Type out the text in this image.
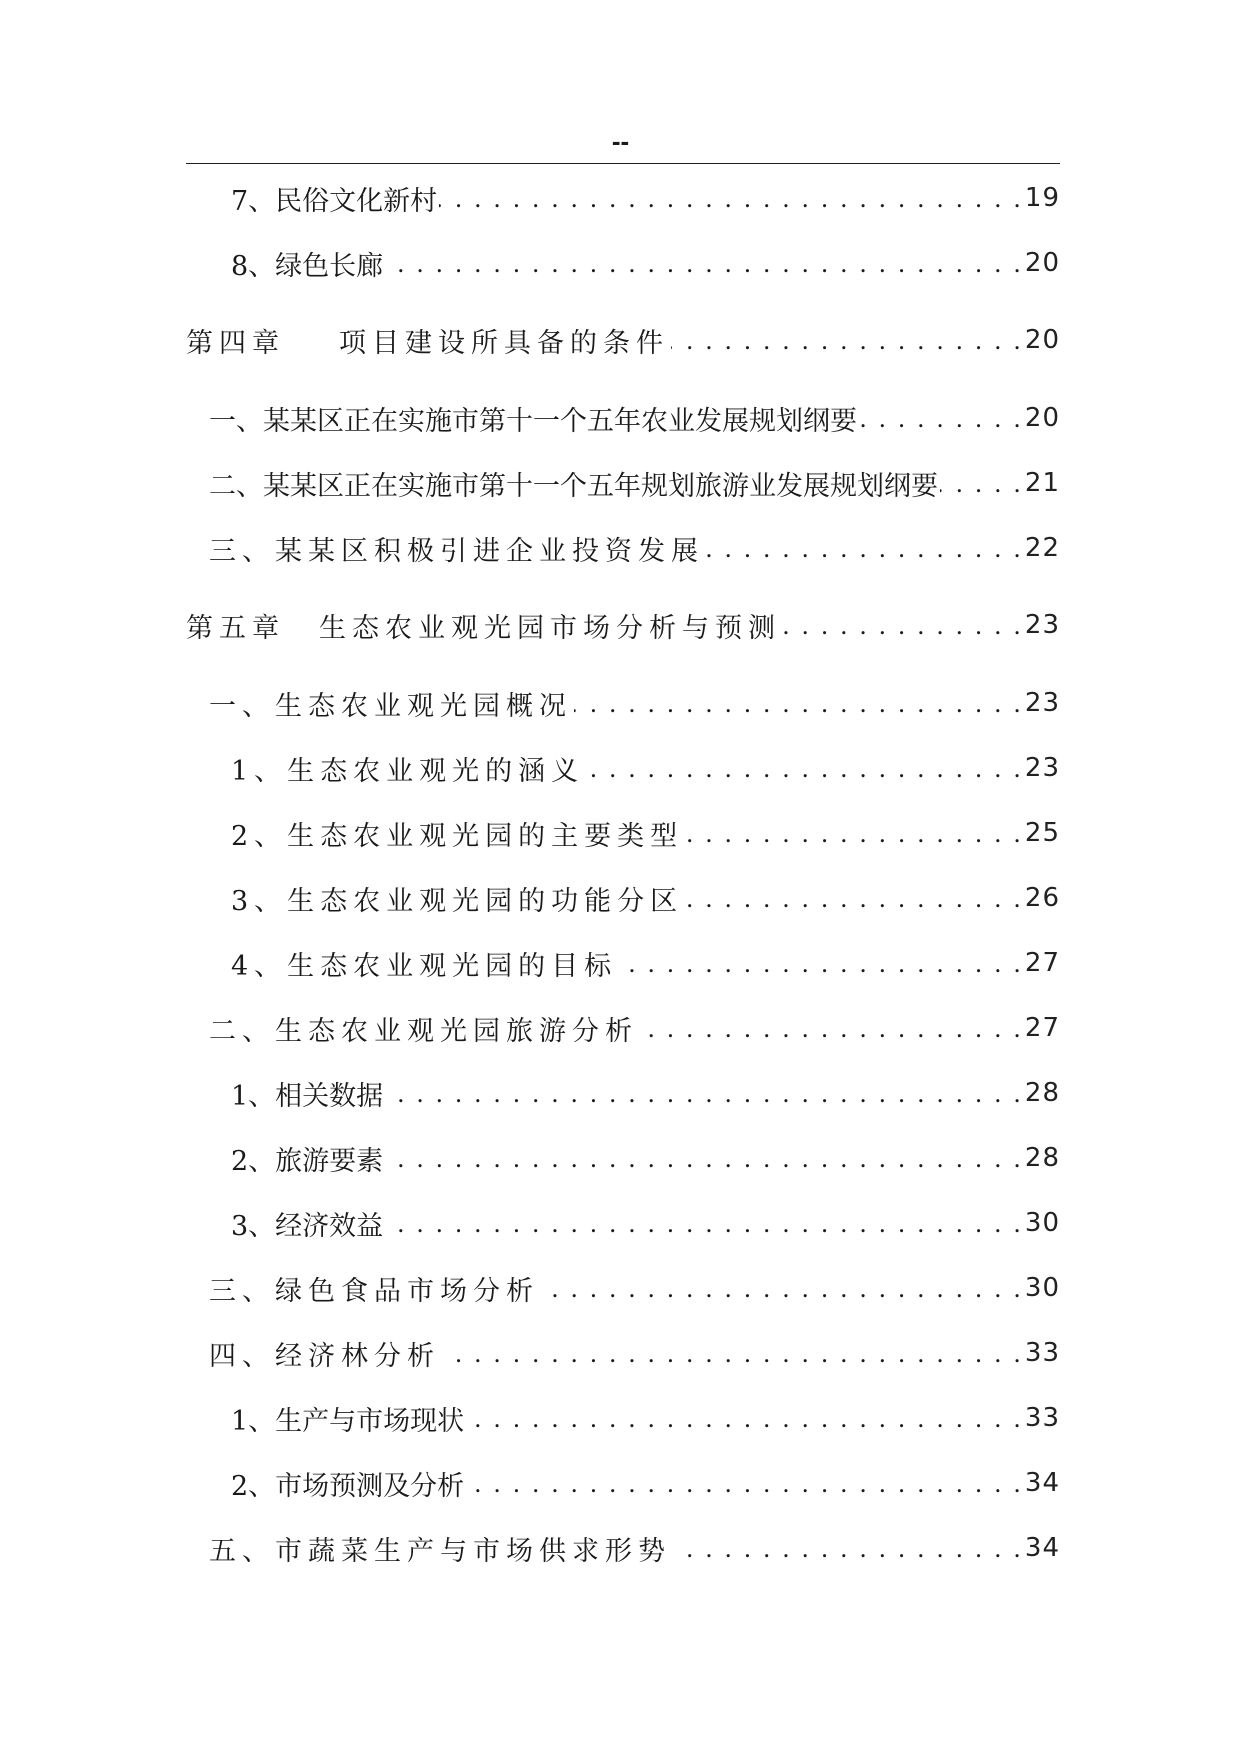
--
7、民俗文化新村 . . .	19
8、绿色长廊 . . .	20
第四章 项目建设所具备的条件 . . .	20
一、某某区正在实施市第十一个五年农业发展规划纲要 . . .	20
二、某某区正在实施市第十一个五年规划旅游业发展规划纲要 . . .	21
三、某某区积极引进企业投资发展 . . .	22
第五章 生态农业观光园市场分析与预测 . . .	23
一、生态农业观光园概况 . . .	23
1、生态农业观光的涵义 . . .	23
2、生态农业观光园的主要类型 . . .	25
3、生态农业观光园的功能分区 . . .	26
4、生态农业观光园的目标 . . .	27
二、生态农业观光园旅游分析 . . .	27
1、相关数据 . . .	28
2、旅游要素 . . .	28
3、经济效益 . . .	30
三、绿色食品市场分析 . . .	30
四、经济林分析 . . .	33
1、生产与市场现状 . . .	33
2、市场预测及分析 . . .	34
五、市蔬菜生产与市场供求形势 . . .	34
